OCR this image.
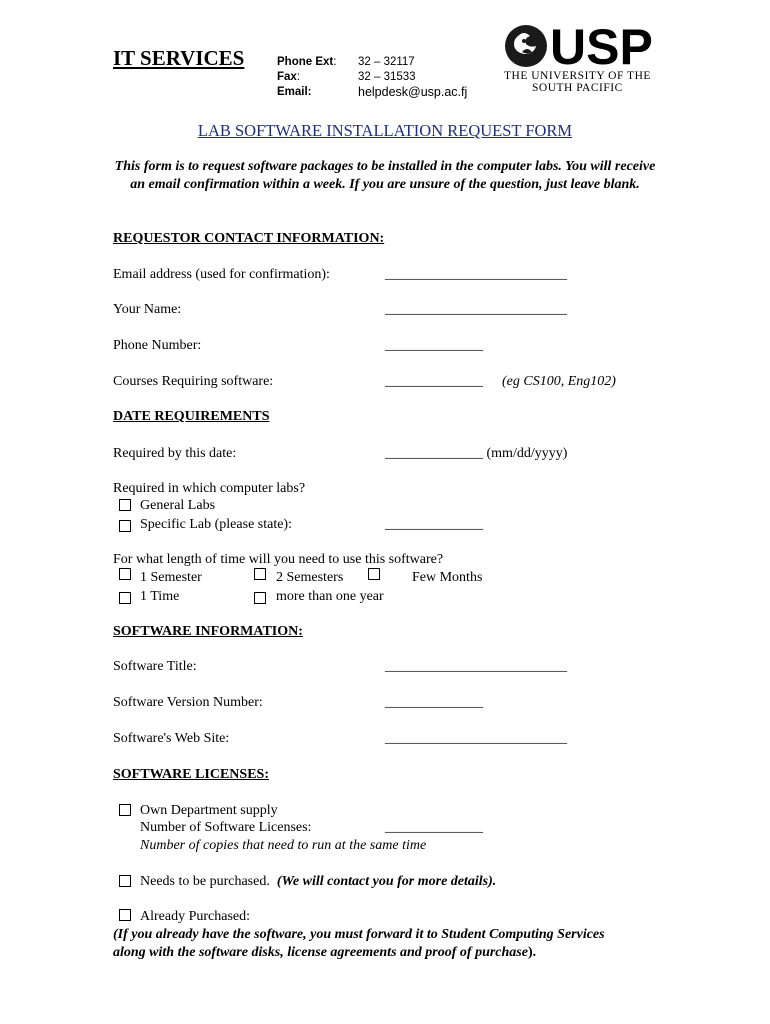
IT SERVICES	Phone Ext: 32 – 32117
Fax:	32 – 31533
Email:	helpdesk@usp.ac.fj
USP
THE UNIVERSITY OF THE
SOUTH PACIFIC
LAB SOFTWARE INSTALLATION REQUEST FORM
This form is to request software packages to be installed in the computer labs. You will receive an email confirmation within a week. If you are unsure of the question, just leave blank.
REQUESTOR CONTACT INFORMATION:
Email address (used for confirmation):	__________________________
Your Name:	__________________________
Phone Number:	______________
Courses Requiring software:	______________ (eg CS100, Eng102)
DATE REQUIREMENTS
Required by this date:	______________ (mm/dd/yyyy)
Required in which computer labs?
General Labs
Specific Lab (please state):	______________
For what length of time will you need to use this software?
1 Semester	2 Semesters	Few Months
1 Time	more than one year
SOFTWARE INFORMATION:
Software Title:	__________________________
Software Version Number:	______________
Software's Web Site:	__________________________
SOFTWARE LICENSES:
Own Department supply
Number of Software Licenses:	______________
Number of copies that need to run at the same time
Needs to be purchased. (We will contact you for more details).
Already Purchased:
(If you already have the software, you must forward it to Student Computing Services
along with the software disks, license agreements and proof of purchase).
